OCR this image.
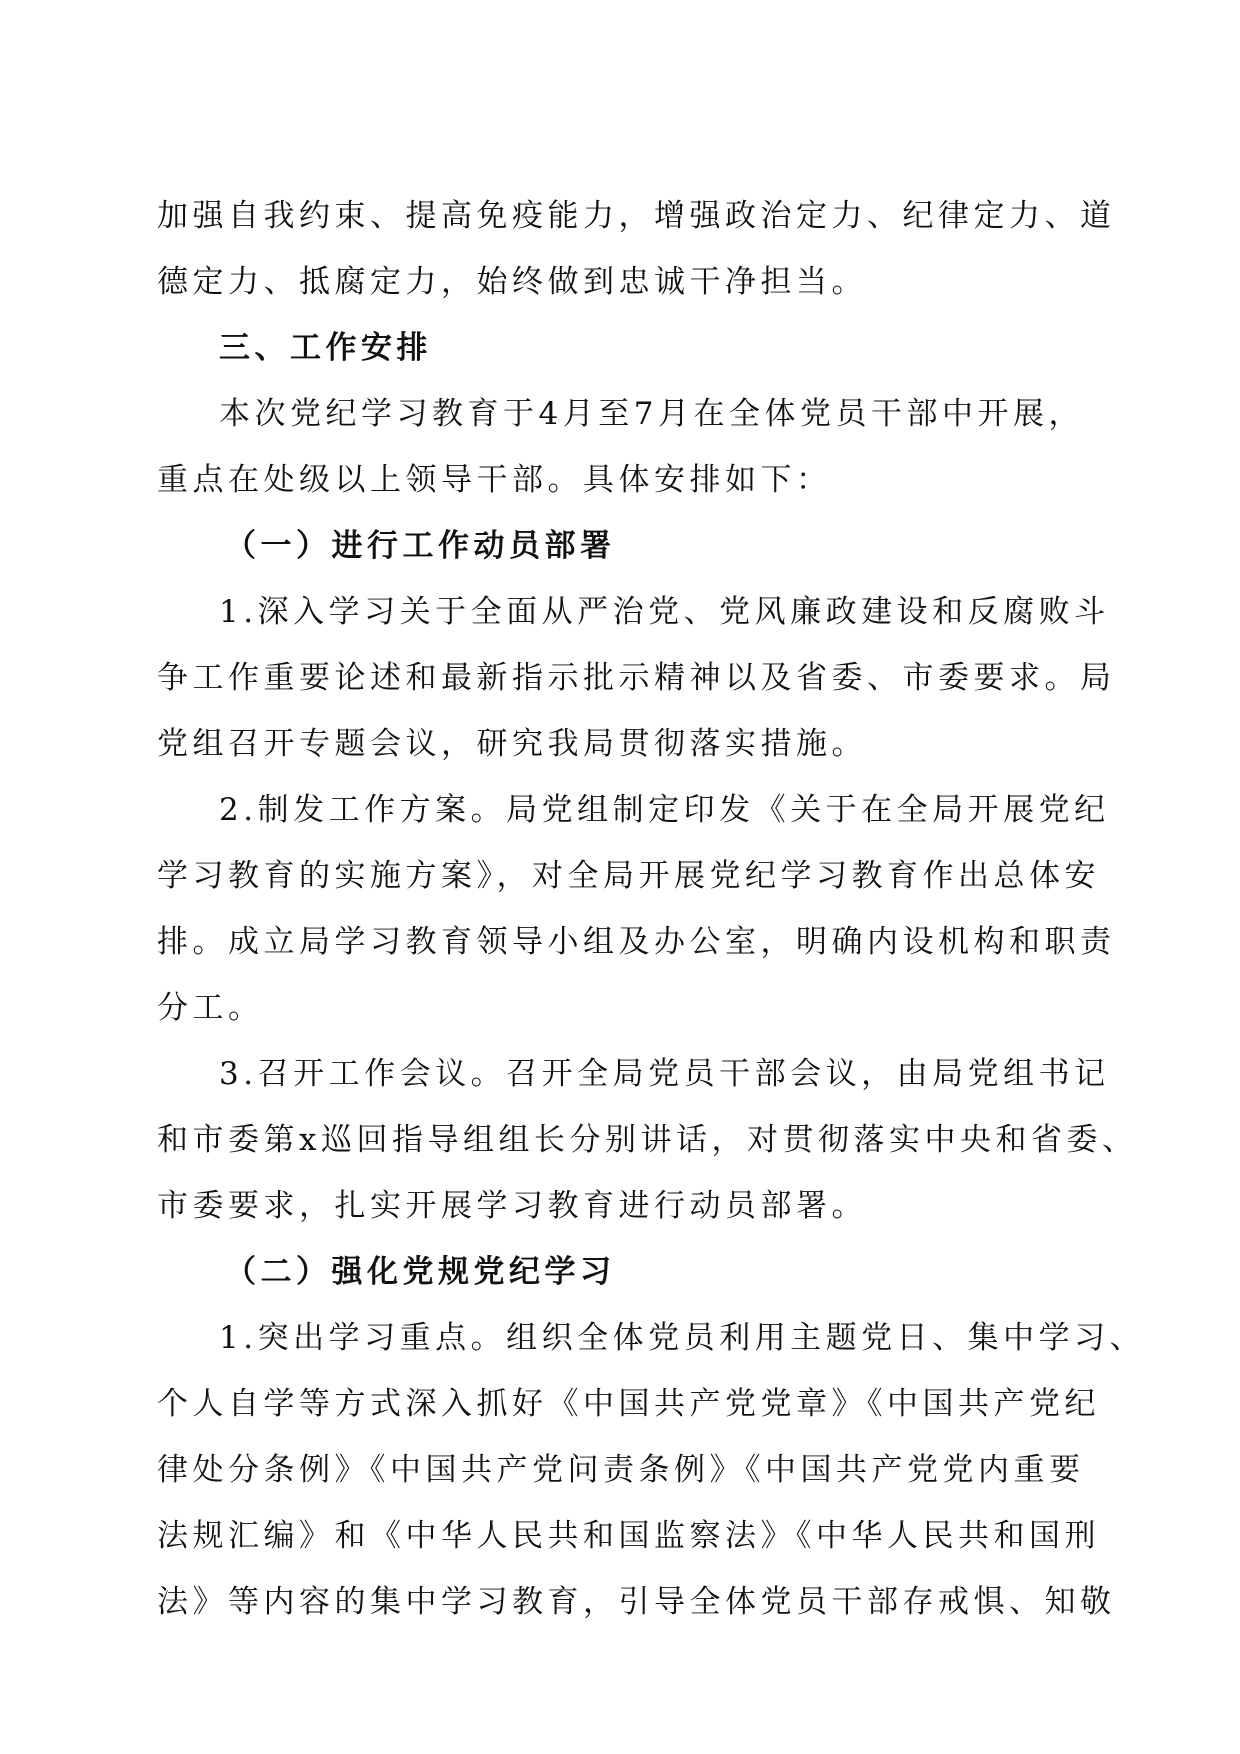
加强自我约束、提高免疫能力，增强政治定力、纪律定力、道
德定力、抵腐定力，始终做到忠诚干净担当。
三、工作安排
本次党纪学习教育于4月至7月在全体党员干部中开展，
重点在处级以上领导干部。具体安排如下：
（一）进行工作动员部署
1.深入学习关于全面从严治党、党风廉政建设和反腐败斗
争工作重要论述和最新指示批示精神以及省委、市委要求。局
党组召开专题会议，研究我局贯彻落实措施。
2.制发工作方案。局党组制定印发《关于在全局开展党纪
学习教育的实施方案》，对全局开展党纪学习教育作出总体安
排。成立局学习教育领导小组及办公室，明确内设机构和职责
分工。
3.召开工作会议。召开全局党员干部会议，由局党组书记
和市委第x巡回指导组组长分别讲话，对贯彻落实中央和省委、
市委要求，扎实开展学习教育进行动员部署。
（二）强化党规党纪学习
1.突出学习重点。组织全体党员利用主题党日、集中学习、
个人自学等方式深入抓好《中国共产党党章》《中国共产党纪
律处分条例》《中国共产党问责条例》《中国共产党党内重要
法规汇编》和《中华人民共和国监察法》《中华人民共和国刑
法》等内容的集中学习教育，引导全体党员干部存戒惧、知敬
